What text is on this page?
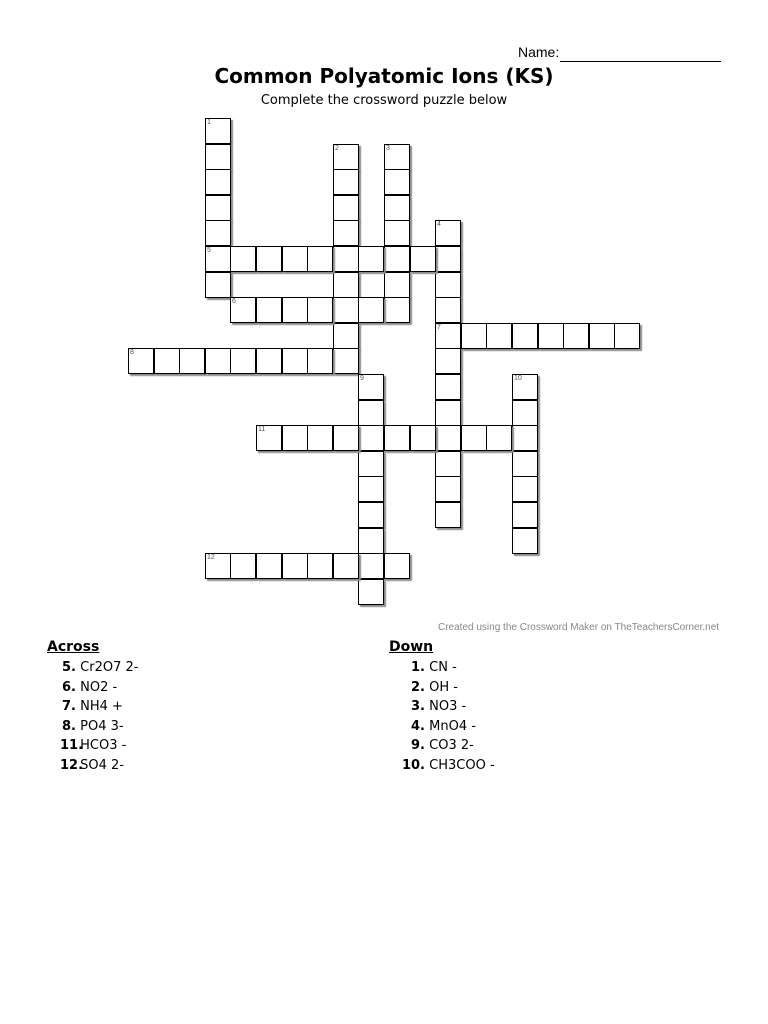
Name:
Common Polyatomic Ions (KS)
Complete the crossword puzzle below
1
5
2	3
4
7
6
8
9	10
11
12
Created using the Crossword Maker on TheTeachersCorner.net
Across
5. Cr2O7 2-
6. NO2 -
7. NH4 +
8. PO4 3-
11. HCO3 -
12. SO4 2-
Down
1. CN -
2. OH -
3. NO3 -
4. MnO4 -
9. CO3 2-
10. CH3COO -
